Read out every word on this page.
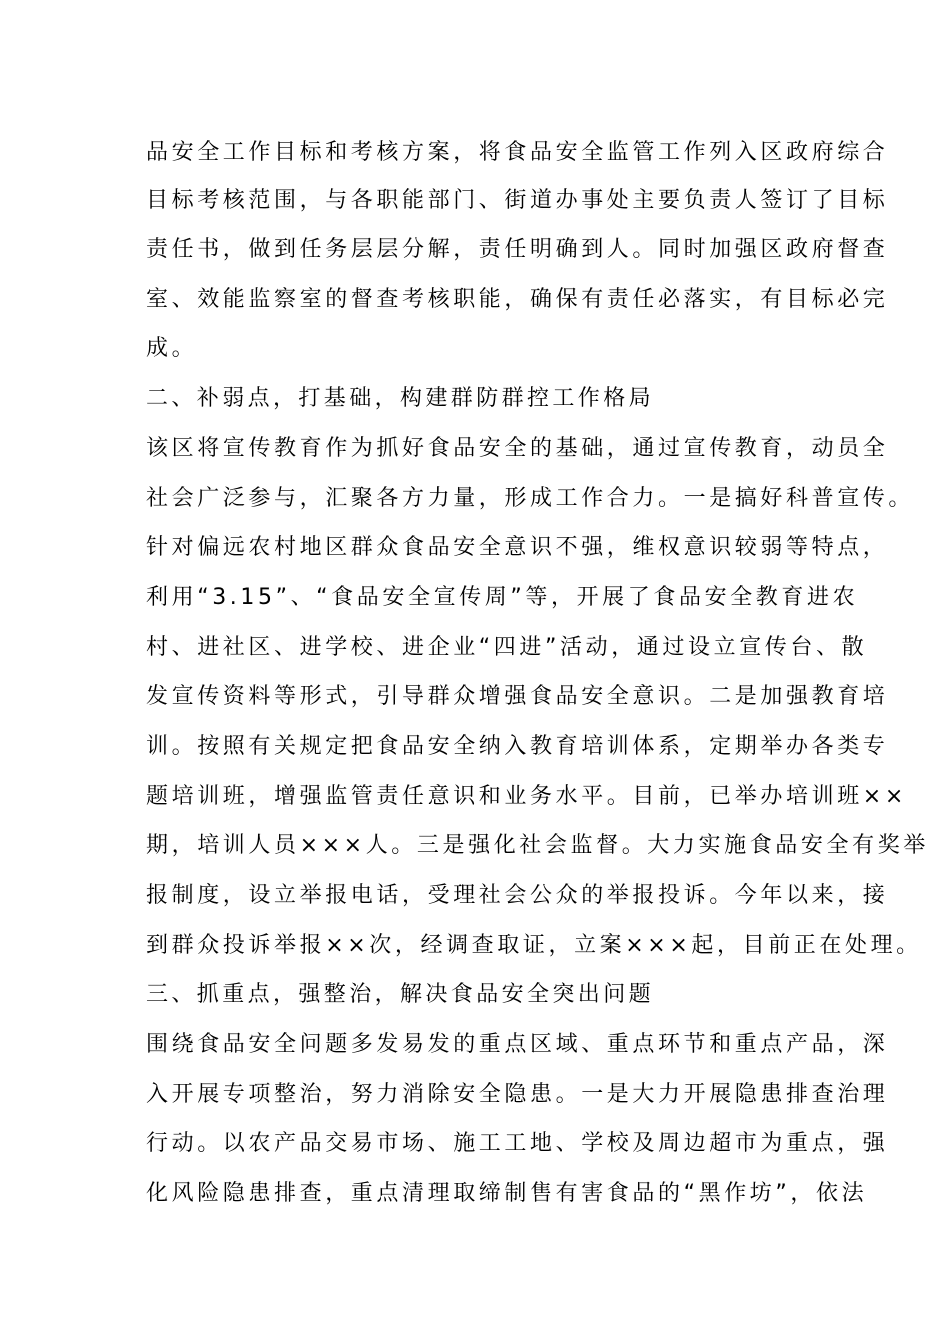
品安全工作目标和考核方案，将食品安全监管工作列入区政府综合

目标考核范围，与各职能部门、街道办事处主要负责人签订了目标

责任书，做到任务层层分解，责任明确到人。同时加强区政府督查

室、效能监察室的督查考核职能，确保有责任必落实，有目标必完

成。

二、补弱点，打基础，构建群防群控工作格局

该区将宣传教育作为抓好食品安全的基础，通过宣传教育，动员全

社会广泛参与，汇聚各方力量，形成工作合力。一是搞好科普宣传。

针对偏远农村地区群众食品安全意识不强，维权意识较弱等特点，

利用“3.15”、“食品安全宣传周”等，开展了食品安全教育进农

村、进社区、进学校、进企业“四进”活动，通过设立宣传台、散

发宣传资料等形式，引导群众增强食品安全意识。二是加强教育培

训。按照有关规定把食品安全纳入教育培训体系，定期举办各类专

题培训班，增强监管责任意识和业务水平。目前，已举办培训班××

期，培训人员×××人。三是强化社会监督。大力实施食品安全有奖举

报制度，设立举报电话，受理社会公众的举报投诉。今年以来，接

到群众投诉举报××次，经调查取证，立案×××起，目前正在处理。

三、抓重点，强整治，解决食品安全突出问题

围绕食品安全问题多发易发的重点区域、重点环节和重点产品，深

入开展专项整治，努力消除安全隐患。一是大力开展隐患排查治理

行动。以农产品交易市场、施工工地、学校及周边超市为重点，强

化风险隐患排查，重点清理取缔制售有害食品的“黑作坊”，依法
